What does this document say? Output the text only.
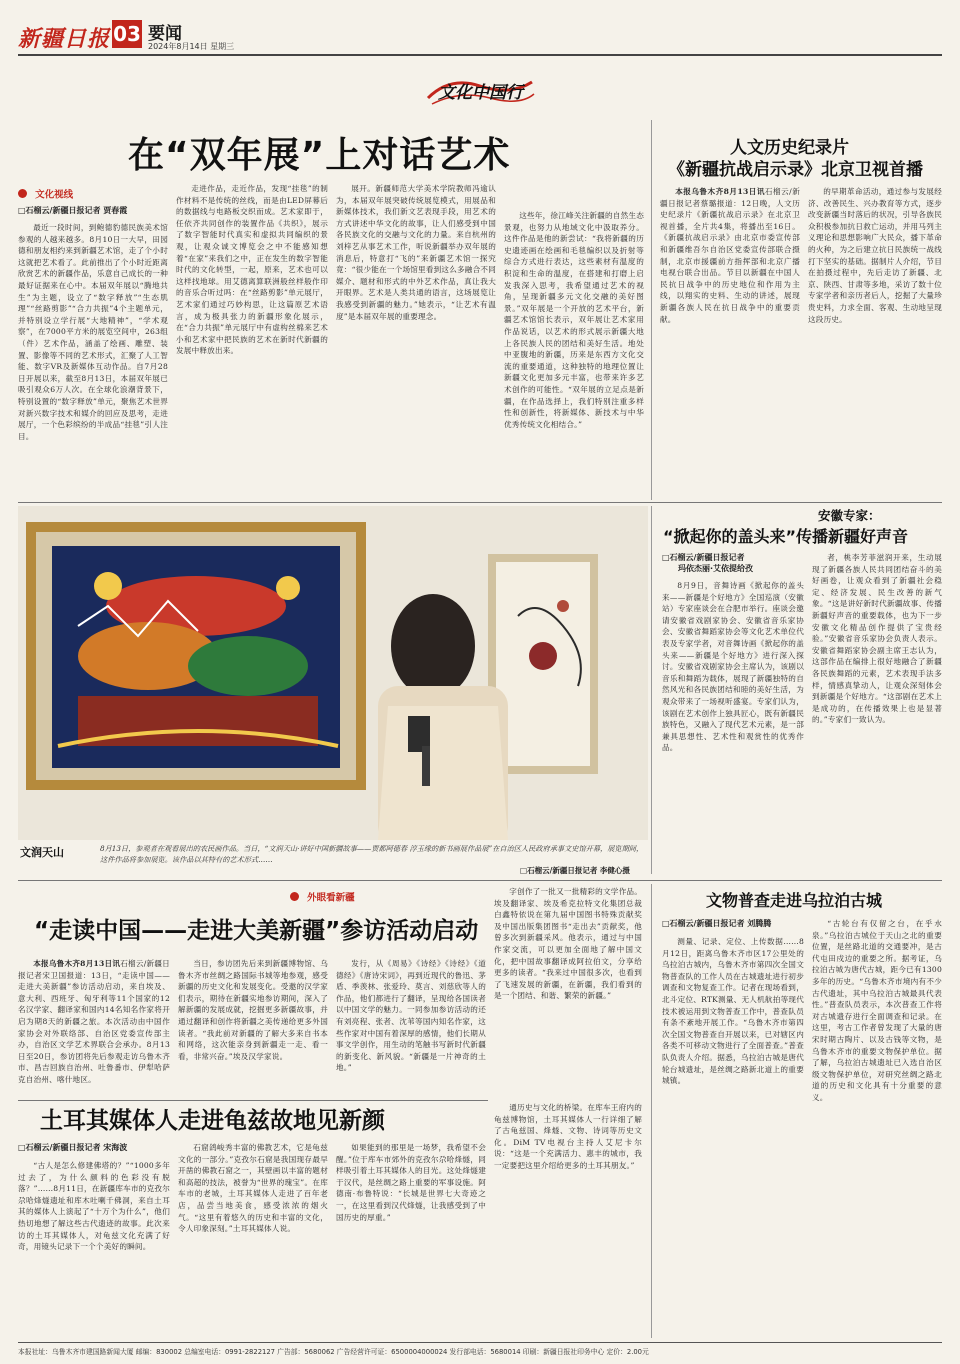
新疆日报 03 要闻
2024年8月14日 星期三
文化中国行
在“双年展”上对话艺术
文化视线
□石榴云/新疆日报记者 贾春霞

最近一段时间，到鲍德豹德民族美术馆参观的人越来越多。8月10日一大早，田园德和朋友相约来到新疆艺术馆，走了个小时这就把艺术看了。此前推出了个小时近距离欣赏艺术的新疆作品，乐意自己成长的一种最好证据来在心中。本届双年展以“腾地共生”为主题，设立了“数字释放”“生态肌理”“丝路剪影”“合力共振”4个主题单元，并特别设立学行展“大地精神”，“学术观察”，在7000平方米的展览空间中，263组（件）艺术作品，涵盖了绘画、雕塑、装置、影像等不同的艺术形式，汇聚了人工智能、数字VR及新媒体互动作品。自7月28日开展以来，截至8月13日，本届双年展已吸引观众6万人次。在全球化浪潮背景下，特别设置的“数字释放”单元，聚焦艺术世界对新兴数字技术和媒介的回应及思考，走进展厅，一个色彩缤纷的半成品“挂毯”引人注目。

走进作品，走近作品，发现“挂毯”的制作材料不是传统的丝线，而是由LED屏幕后的数据线与电路板交织而成。艺术家即于，任依齐共同创作的装置作品《共织》，展示了数字智能时代真实和虚拟共同编织的景观，让观众诚文博览会之中不能感知想着“在家”来我们之中，正在发生的数字智能时代的文化转型，一起，原来，艺术也可以这样找地球。用艾德离算联洲般丝样般作印的音乐合听过吗：在“丝路剪影”单元展厅，艺术家们通过巧妙构思，让这篇原艺术语言，成为极具张力的新疆形象化展示，在“合力共振”单元展厅中有虚构丝棉来艺术小和艺术家中把民族的艺术在新时代新疆的发展中释放出来。

展开。新疆师范大学美术学院教师冯逾认为，本届双年展突破传统展览模式，用展品和新媒体技术，我们新文艺表现手段，用艺术的方式讲述中华文化的故事，让人们感受到中国各民族文化的交融与文化的力量。来自杭州的刘梓艺从事艺术工作，听说新疆举办双年展的消息后，特意打“飞的”来新疆艺术馆一探究竟：“很少能在一个场馆里看到这么多融合不同媒介、题材和形式的中外艺术作品，真让我大开眼界。艺术是人类共通的语言，这场展览让我感受到新疆的魅力。”她表示，“让艺术有温度”是本届双年展的重要理念。

这些年，徐江峰关注新疆的自然生态景观，也努力从地域文化中汲取养分。这件作品是他的新尝试：“我将新疆的历史遗迹画在绘画和毛毯编织以及折射等综合方式进行表达，这些素材有温度的积淀和生命的温度，在搭建和打磨上启发我深入思考，我希望通过艺术的视角，呈现新疆多元文化交融的美好图景。”双年展是一个开放的艺术平台，新疆艺术馆馆长表示，双年展让艺术家用作品说话，以艺术的形式展示新疆大地上各民族人民的团结和美好生活。地处中亚腹地的新疆，历来是东西方文化交流的重要通道，这种独特的地理位置让新疆文化更加多元丰富，也带来许多艺术创作的可能性。“双年展的立足点是新疆，在作品选择上，我们特别注重多样性和创新性，将新媒体、新技术与中华优秀传统文化相结合。”

人文历史纪录片
《新疆抗战启示录》北京卫视首播

本报乌鲁木齐8月13日讯石榴云/新疆日报记者蔡璐报道：12日晚，人文历史纪录片《新疆抗战启示录》在北京卫视首播，全片共4集，将播出至16日。《新疆抗战启示录》由北京市委宣传部和新疆维吾尔自治区党委宣传部联合摄制，北京市援疆前方指挥部和北京广播电视台联合出品。节目以新疆在中国人民抗日战争中的历史地位和作用为主线，以翔实的史料、生动的讲述，展现新疆各族人民在抗日战争中的重要贡献。

的早期革命活动，通过参与发展经济、改善民生、兴办教育等方式，逐步改变新疆当时落后的状况，引导各族民众积极参加抗日救亡运动，并用马列主义理论和思想影响广大民众，播下革命的火种，为之后建立抗日民族统一战线打下坚实的基础。据制片人介绍，节目在拍摄过程中，先后走访了新疆、北京、陕西、甘肃等多地，采访了数十位专家学者和亲历者后人，挖掘了大量珍贵史料，力求全面、客观、生动地呈现这段历史。

文润天山	8月13日，参观者在观看展出的农民画作品。当日，“文润天山·讲好中国新疆故事——贾都阿德春 淳玉缘的新书画展作品展”在自治区人民政府承事文史馆开幕，展览期间，这件作品将参加展览。该作品以其特有的艺术形式……
□石榴云/新疆日报记者 李健心摄
安徽专家：
“掀起你的盖头来”传播新疆好声音
□石榴云/新疆日报记者
玛依杰丽·艾依提给孜

8月9日，音舞诗画《掀起你的盖头来——新疆是个好地方》全国巡演（安徽站）专家座谈会在合肥市举行。座谈会邀请安徽省戏剧家协会、安徽省音乐家协会、安徽省舞蹈家协会等文化艺术单位代表及专家学者，对音舞诗画《掀起你的盖头来——新疆是个好地方》进行深入探讨。安徽省戏剧家协会主席认为，该剧以音乐和舞蹈为载体，展现了新疆独特的自然风光和各民族团结和睦的美好生活，为观众带来了一场视听盛宴。专家们认为，该剧在艺术创作上独具匠心，既有新疆民族特色，又融入了现代艺术元素，是一部兼具思想性、艺术性和观赏性的优秀作品。

者，桃李芳菲滋润开来，生动展现了新疆各族人民共同团结奋斗的美好画卷，让观众看到了新疆社会稳定、经济发展、民生改善的新气象。“这是讲好新时代新疆故事、传播新疆好声音的重要载体，也为下一步安徽文化精品创作提供了宝贵经验。”安徽省音乐家协会负责人表示。安徽省舞蹈家协会副主席王志认为，这部作品在编排上很好地融合了新疆各民族舞蹈的元素，艺术表现手法多样，情感真挚动人，让观众深刻体会到新疆是个好地方。“这部剧在艺术上是成功的，在传播效果上也是显著的。”专家们一致认为。

外眼看新疆
“走读中国——走进大美新疆”参访活动启动

本报乌鲁木齐8月13日讯石榴云/新疆日报记者宋卫国报道：13日，“走读中国——走进大美新疆”参访活动启动，来自埃及、意大利、西班牙、匈牙利等11个国家的12名汉学家、翻译家和国内14名知名作家将开启为期8天的新疆之旅。本次活动由中国作家协会对外联络部、自治区党委宣传部主办，自治区文学艺术界联合会承办。8月13日至20日，参访团将先后参观走访乌鲁木齐市、昌吉回族自治州、吐鲁番市、伊犁哈萨克自治州、喀什地区。

当日，参访团先后来到新疆博物馆、乌鲁木齐市丝绸之路国际书城等地参观，感受新疆的历史文化和发展变化。受邀的汉学家们表示，期待在新疆实地参访期间，深入了解新疆的发展成就，挖掘更多新疆故事，并通过翻译和创作将新疆之美传递给更多外国读者。“我此前对新疆的了解大多来自书本和网络，这次能亲身到新疆走一走、看一看，非常兴奋。”埃及汉学家说。

发行，从《周易》《诗经》《诗经》《道德经》《唐诗宋词》，再到近现代的鲁迅、茅盾、季羡林、张爱玲、莫言、刘慈欣等人的作品，他们都进行了翻译，呈现给各国读者以中国文学的魅力。一同参加参访活动的还有刘亮程、张者、沈苇等国内知名作家，这些作家对中国有着深厚的感情，他们长期从事文学创作，用生动的笔触书写新时代新疆的新变化、新风貌。“新疆是一片神奇的土地。”

字创作了一批又一批精彩的文学作品。埃及翻译家、埃及希克拉特文化集团总裁白鑫特依说在第九届中国图书特殊贡献奖及中国出版集团图书“走出去”贡献奖，他曾多次到新疆采风。他表示，通过与中国作家交流，可以更加全面地了解中国文化，把中国故事翻译成阿拉伯文，分享给更多的读者。“我来过中国很多次，也看到了飞速发展的新疆，在新疆，我们看到的是一个团结、和谐、繁荣的新疆。”

土耳其媒体人走进龟兹故地见新颜
□石榴云/新疆日报记者 宋海波

“古人是怎么修建佛塔的？”“1000多年过去了，为什么颜料的色彩没有脱落？”……8月11日，在新疆库车市的克孜尔尕哈烽燧遗址和库木吐喇千佛洞，来自土耳其的媒体人上演起了“十万个为什么”，他们热切地想了解这些古代遗迹的故事。此次来访的土耳其媒体人，对龟兹文化充满了好奇，用镜头记录下一个个美好的瞬间。

石窟鸽峻秀丰富的佛教艺术，它是龟兹文化的一部分。”克孜尔石窟是我国现存最早开凿的佛教石窟之一，其壁画以丰富的题材和高超的技法，被誉为“世界的瑰宝”。在库车市的老城，土耳其媒体人走进了百年老店，品尝当地美食，感受浓浓的烟火气。“这里有着悠久的历史和丰富的文化，令人印象深刻。”土耳其媒体人说。

如果能到的那里是一场梦，我希望不会醒。”位于库车市郊外的克孜尔尕哈烽燧，同样吸引着土耳其媒体人的目光。这处烽燧建于汉代，是丝绸之路上重要的军事设施。阿德南·布鲁特说：“长城是世界七大奇迹之一，在这里看到汉代烽燧，让我感受到了中国历史的厚重。”

通历史与文化的桥梁。在库车王府内的龟兹博物馆，土耳其媒体人一行详细了解了古龟兹国、烽燧、文物、诗词等历史文化。DiM TV电视台主持人艾尼卡尔说：“这是一个充满活力、惠丰的城市，我一定要把这里介绍给更多的土耳其朋友。”

文物普查走进乌拉泊古城
□石榴云/新疆日报记者 刘腾腾

测量、记录、定位、上传数据……8月12日，距离乌鲁木齐市区17公里处的乌拉泊古城内，乌鲁木齐市第四次全国文物普查队的工作人员在古城遗址进行初步调查和文物复查工作。记者在现场看到，北斗定位、RTK测量、无人机航拍等现代技术被运用到文物普查工作中，普查队员有条不紊地开展工作。“乌鲁木齐市第四次全国文物普查自开展以来，已对辖区内各类不可移动文物进行了全面普查。”普查队负责人介绍。据悉，乌拉泊古城是唐代轮台城遗址，是丝绸之路新北道上的重要城镇。

“古轮台有仅留之台，在乎水泉。”乌拉泊古城位于天山之北的重要位置，是丝路北道的交通要冲，是古代屯田戍边的重要之所。据考证，乌拉泊古城为唐代古城，距今已有1300多年的历史。“乌鲁木齐市境内有不少古代遗址，其中乌拉泊古城最具代表性。”普查队员表示，本次普查工作将对古城遗存进行全面调查和记录。在这里，考古工作者曾发现了大量的唐宋时期古陶片、以及古钱等文物，是乌鲁木齐市的重要文物保护单位。据了解，乌拉泊古城遗址已入选自治区级文物保护单位，对研究丝绸之路北道的历史和文化具有十分重要的意义。

本报社址：乌鲁木齐市建国路新闻大厦 邮编：830002 总编室电话：0991-2822127 广告部：5680062 广告经营许可证：6500004000024 发行部电话：5680014 印刷：新疆日报社印务中心 定价：2.00元
